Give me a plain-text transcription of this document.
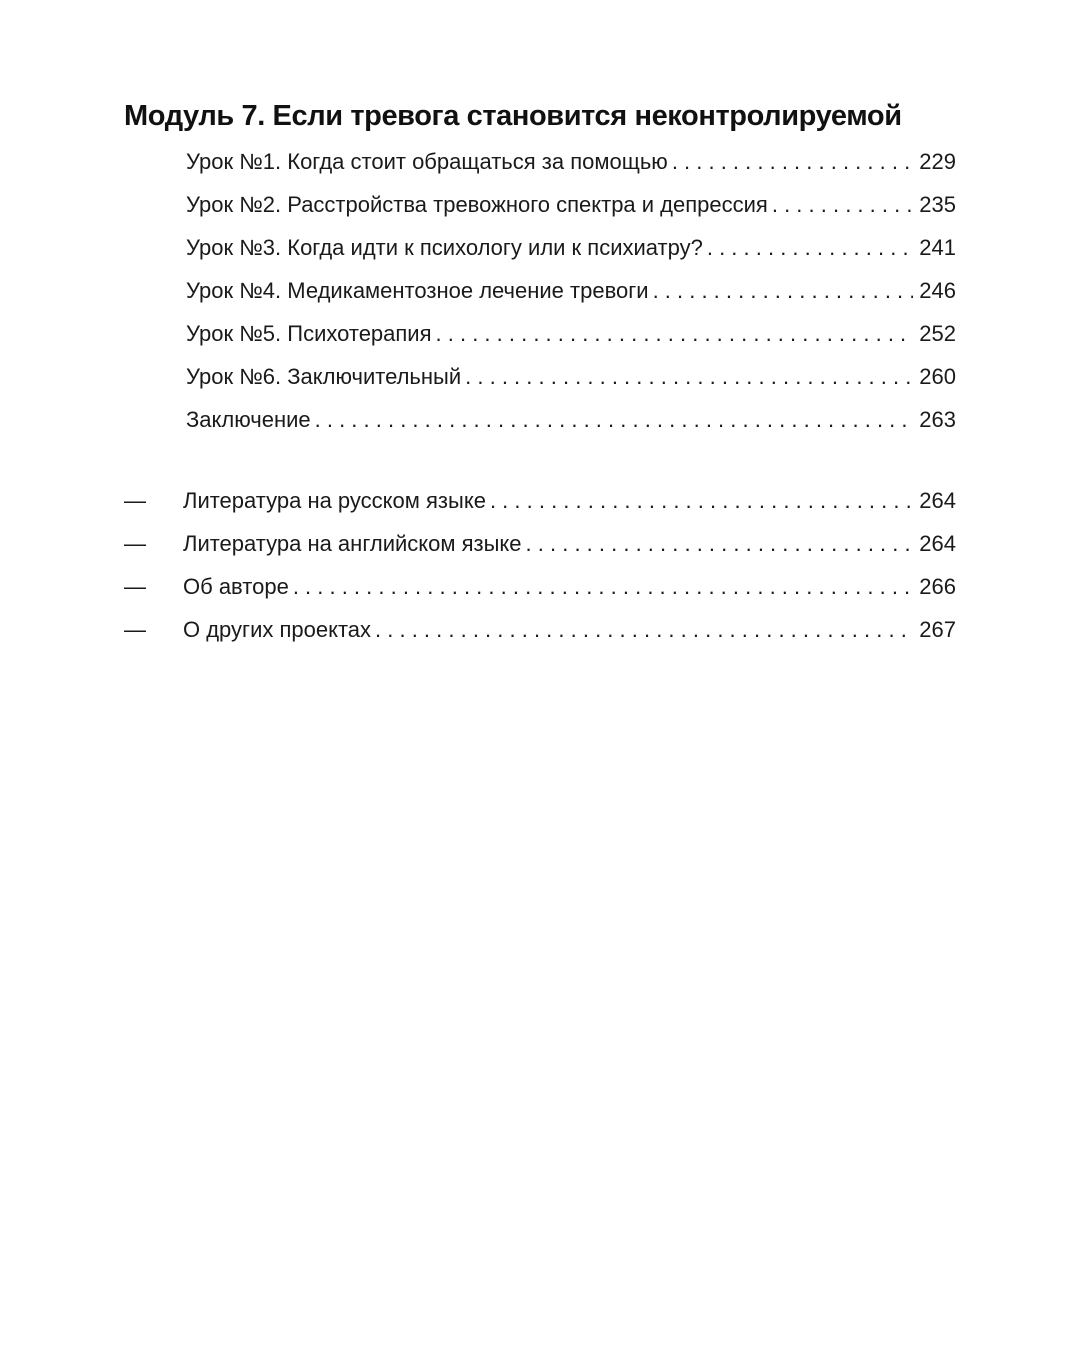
Модуль 7. Если тревога становится неконтролируемой
Урок №1. Когда стоит обращаться за помощью . . .	229
Урок №2. Расстройства тревожного спектра и депрессия . . .	235
Урок №3. Когда идти к психологу или к психиатру? . . .	241
Урок №4. Медикаментозное лечение тревоги . . .	246
Урок №5. Психотерапия . . .	252
Урок №6. Заключительный . . .	260
Заключение . . .	263
—	Литература на русском языке . . .	264
—	Литература на английском языке . . .	264
—	Об авторе . . .	266
—	О других проектах . . .	267
